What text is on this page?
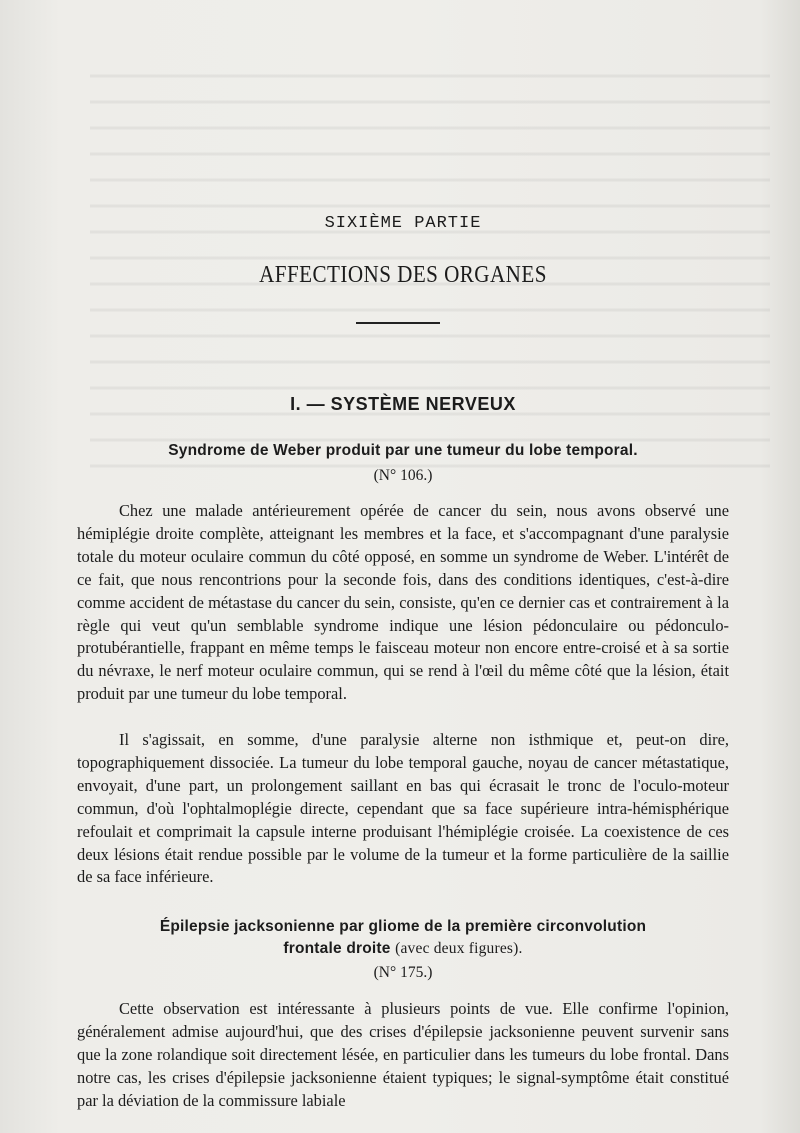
SIXIÈME PARTIE
AFFECTIONS DES ORGANES
I. — SYSTÈME NERVEUX
Syndrome de Weber produit par une tumeur du lobe temporal.
(N° 106.)
Chez une malade antérieurement opérée de cancer du sein, nous avons observé une hémiplégie droite complète, atteignant les membres et la face, et s'accompagnant d'une paralysie totale du moteur oculaire commun du côté opposé, en somme un syndrome de Weber. L'intérêt de ce fait, que nous rencontrions pour la seconde fois, dans des conditions identiques, c'est-à-dire comme accident de métastase du cancer du sein, consiste, qu'en ce dernier cas et contrairement à la règle qui veut qu'un semblable syndrome indique une lésion pédonculaire ou pédonculo-protubérantielle, frappant en même temps le faisceau moteur non encore entre-croisé et à sa sortie du névraxe, le nerf moteur oculaire commun, qui se rend à l'œil du même côté que la lésion, était produit par une tumeur du lobe temporal.
Il s'agissait, en somme, d'une paralysie alterne non isthmique et, peut-on dire, topographiquement dissociée. La tumeur du lobe temporal gauche, noyau de cancer métastatique, envoyait, d'une part, un prolongement saillant en bas qui écrasait le tronc de l'oculo-moteur commun, d'où l'ophtalmoplégie directe, cependant que sa face supérieure intra-hémisphérique refoulait et comprimait la capsule interne produisant l'hémiplégie croisée. La coexistence de ces deux lésions était rendue possible par le volume de la tumeur et la forme particulière de la saillie de sa face inférieure.
Épilepsie jacksonienne par gliome de la première circonvolution
frontale droite (avec deux figures).
(N° 175.)
Cette observation est intéressante à plusieurs points de vue. Elle confirme l'opinion, généralement admise aujourd'hui, que des crises d'épilepsie jacksonienne peuvent survenir sans que la zone rolandique soit directement lésée, en particulier dans les tumeurs du lobe frontal. Dans notre cas, les crises d'épilepsie jacksonienne étaient typiques; le signal-symptôme était constitué par la déviation de la commissure labiale
